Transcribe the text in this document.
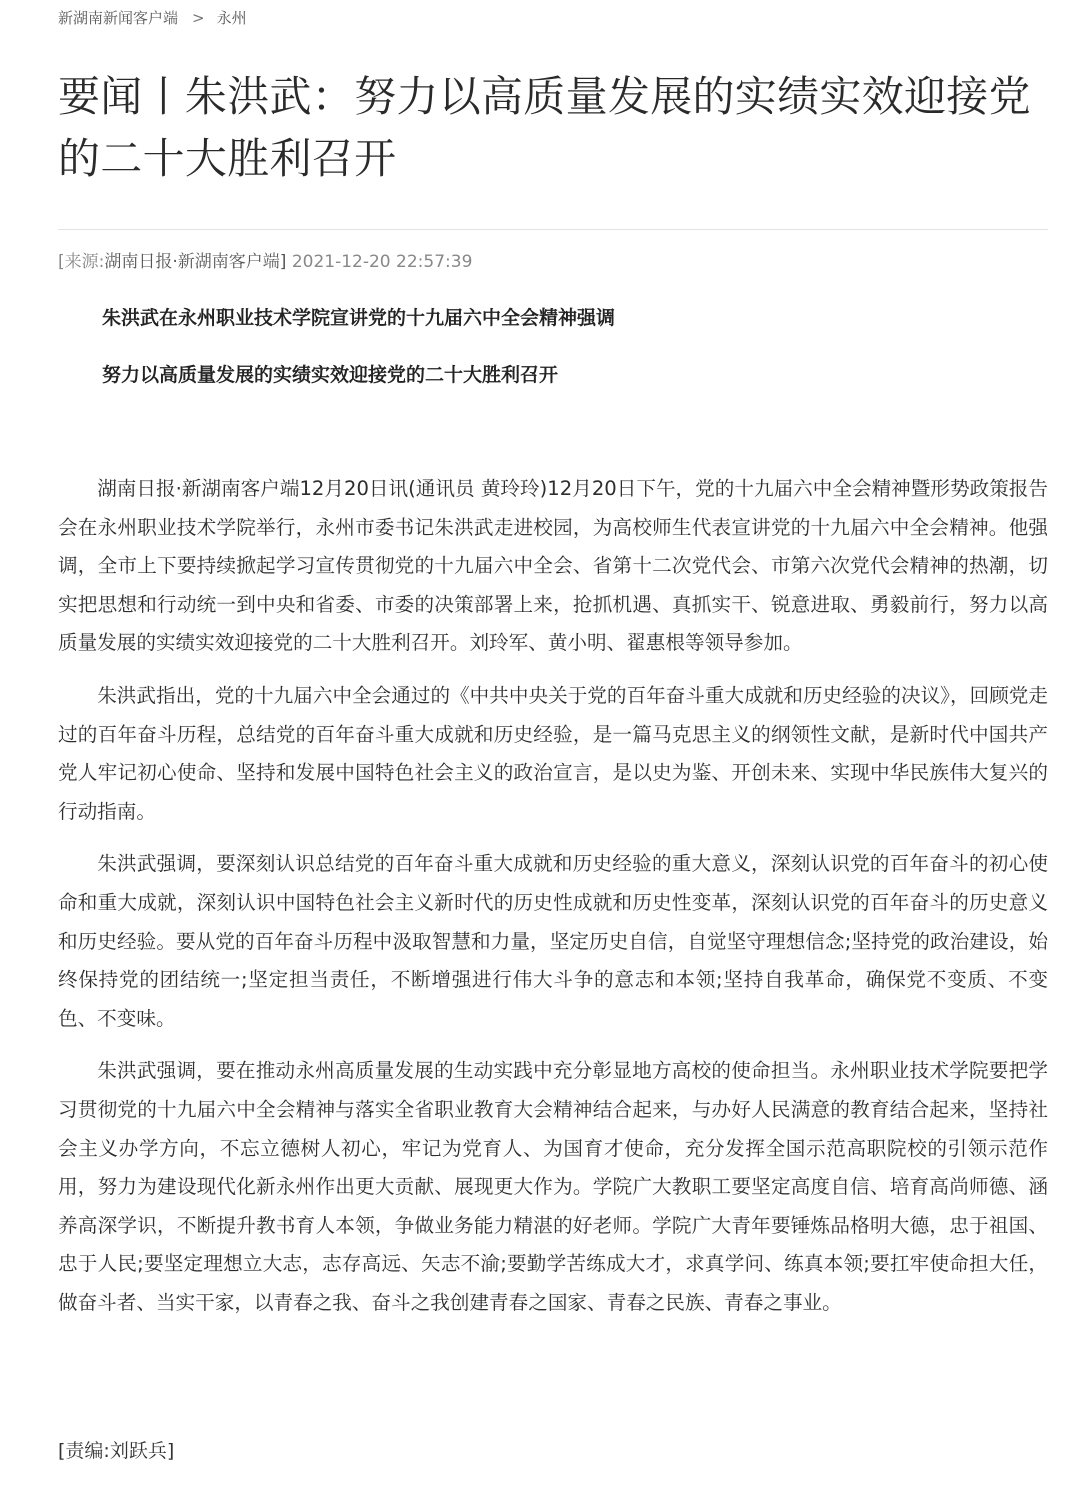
新湖南新闻客户端 > 永州
要闻丨朱洪武：努力以高质量发展的实绩实效迎接党的二十大胜利召开
[来源:湖南日报·新湖南客户端] 2021-12-20 22:57:39
朱洪武在永州职业技术学院宣讲党的十九届六中全会精神强调
努力以高质量发展的实绩实效迎接党的二十大胜利召开

湖南日报·新湖南客户端12月20日讯(通讯员 黄玲玲)12月20日下午，党的十九届六中全会精神暨形势政策报告会在永州职业技术学院举行，永州市委书记朱洪武走进校园，为高校师生代表宣讲党的十九届六中全会精神。他强调，全市上下要持续掀起学习宣传贯彻党的十九届六中全会、省第十二次党代会、市第六次党代会精神的热潮，切实把思想和行动统一到中央和省委、市委的决策部署上来，抢抓机遇、真抓实干、锐意进取、勇毅前行，努力以高质量发展的实绩实效迎接党的二十大胜利召开。刘玲军、黄小明、翟惠根等领导参加。

朱洪武指出，党的十九届六中全会通过的《中共中央关于党的百年奋斗重大成就和历史经验的决议》，回顾党走过的百年奋斗历程，总结党的百年奋斗重大成就和历史经验，是一篇马克思主义的纲领性文献，是新时代中国共产党人牢记初心使命、坚持和发展中国特色社会主义的政治宣言，是以史为鉴、开创未来、实现中华民族伟大复兴的行动指南。

朱洪武强调，要深刻认识总结党的百年奋斗重大成就和历史经验的重大意义，深刻认识党的百年奋斗的初心使命和重大成就，深刻认识中国特色社会主义新时代的历史性成就和历史性变革，深刻认识党的百年奋斗的历史意义和历史经验。要从党的百年奋斗历程中汲取智慧和力量，坚定历史自信，自觉坚守理想信念;坚持党的政治建设，始终保持党的团结统一;坚定担当责任，不断增强进行伟大斗争的意志和本领;坚持自我革命，确保党不变质、不变色、不变味。

朱洪武强调，要在推动永州高质量发展的生动实践中充分彰显地方高校的使命担当。永州职业技术学院要把学习贯彻党的十九届六中全会精神与落实全省职业教育大会精神结合起来，与办好人民满意的教育结合起来，坚持社会主义办学方向，不忘立德树人初心，牢记为党育人、为国育才使命，充分发挥全国示范高职院校的引领示范作用，努力为建设现代化新永州作出更大贡献、展现更大作为。学院广大教职工要坚定高度自信、培育高尚师德、涵养高深学识，不断提升教书育人本领，争做业务能力精湛的好老师。学院广大青年要锤炼品格明大德，忠于祖国、忠于人民;要坚定理想立大志，志存高远、矢志不渝;要勤学苦练成大才，求真学问、练真本领;要扛牢使命担大任，做奋斗者、当实干家，以青春之我、奋斗之我创建青春之国家、青春之民族、青春之事业。

[责编:刘跃兵]
